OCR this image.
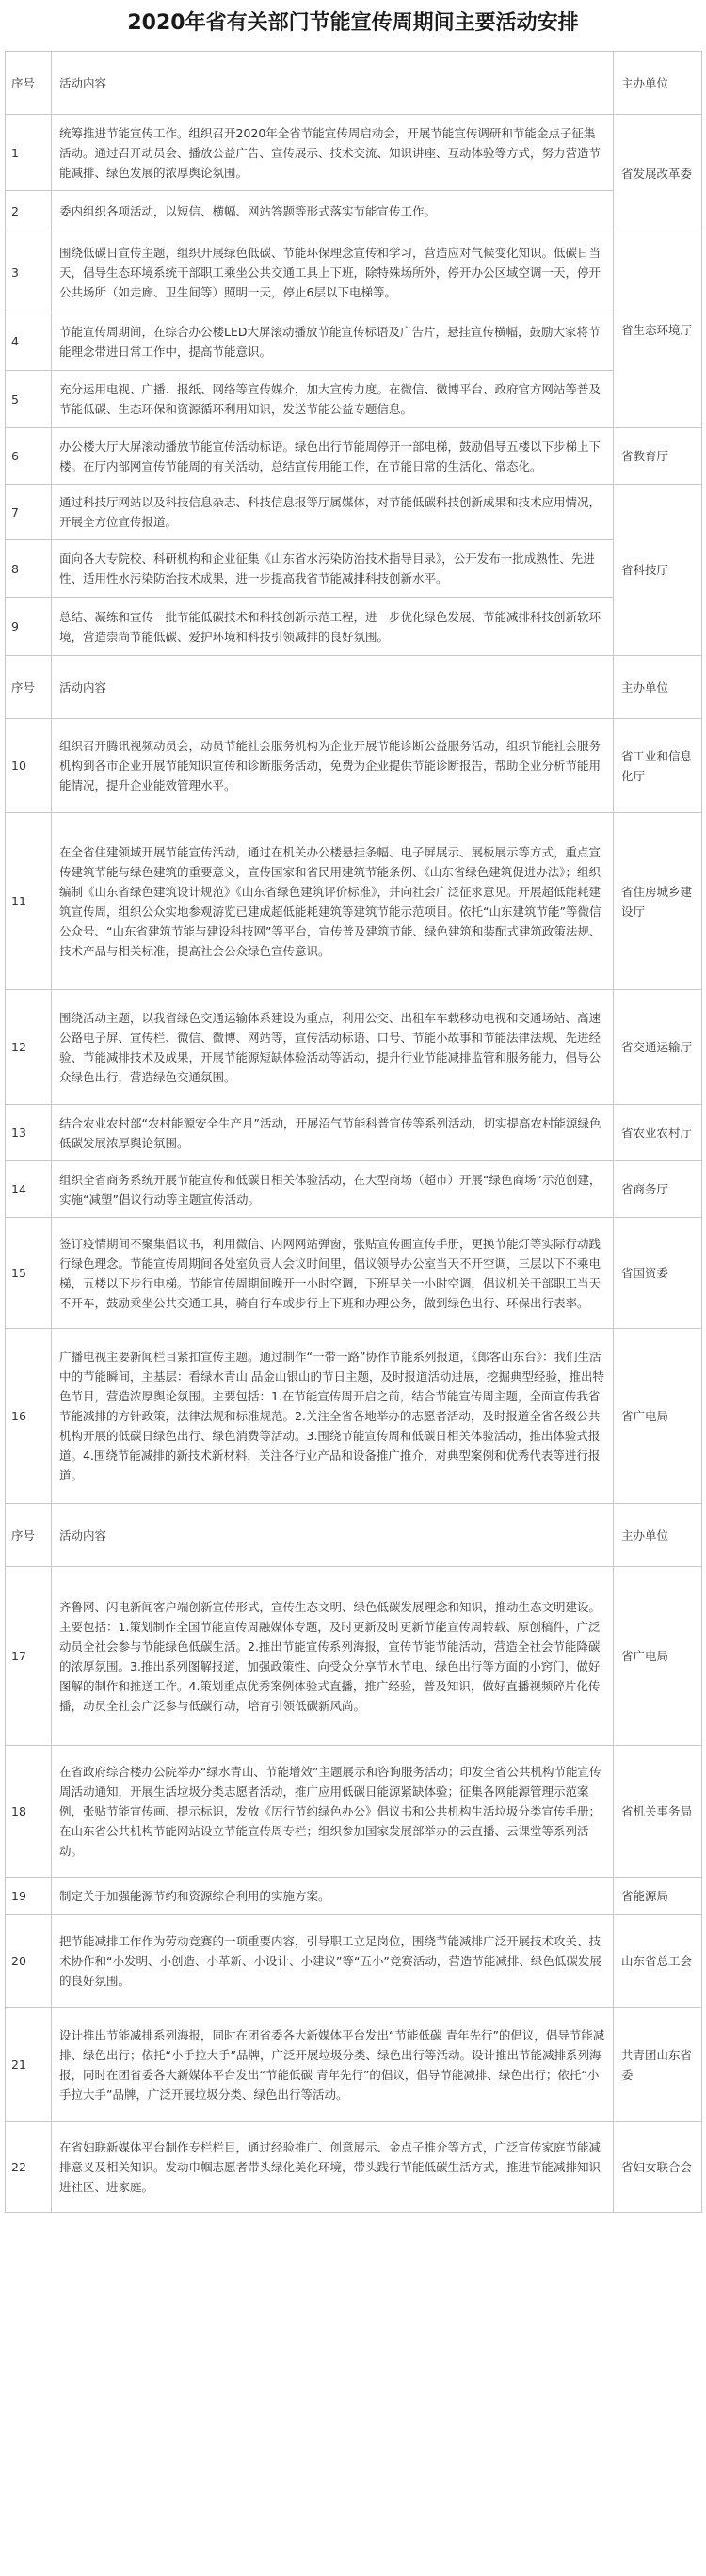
2020年省有关部门节能宣传周期间主要活动安排
序号	活动内容	主办单位
1	统筹推进节能宣传工作。组织召开2020年全省节能宣传周启动会，开展节能宣传调研和节能金点子征集活动。通过召开动员会、播放公益广告、宣传展示、技术交流、知识讲座、互动体验等方式，努力营造节能减排、绿色发展的浓厚舆论氛围。	省发展改革委
2	委内组织各项活动，以短信、横幅、网站答题等形式落实节能宣传工作。	
3	围绕低碳日宣传主题，组织开展绿色低碳、节能环保理念宣传和学习，营造应对气候变化知识。低碳日当天，倡导生态环境系统干部职工乘坐公共交通工具上下班，除特殊场所外，停开办公区域空调一天，停开公共场所（如走廊、卫生间等）照明一天，停止6层以下电梯等。	省生态环境厅
4	节能宣传周期间，在综合办公楼LED大屏滚动播放节能宣传标语及广告片，悬挂宣传横幅，鼓励大家将节能理念带进日常工作中，提高节能意识。	
5	充分运用电视、广播、报纸、网络等宣传媒介，加大宣传力度。在微信、微博平台、政府官方网站等普及节能低碳、生态环保和资源循环利用知识，发送节能公益专题信息。	
6	办公楼大厅大屏滚动播放节能宣传活动标语。绿色出行节能周停开一部电梯，鼓励倡导五楼以下步梯上下楼。在厅内部网宣传节能周的有关活动，总结宣传用能工作，在节能日常的生活化、常态化。	省教育厅
7	通过科技厅网站以及科技信息杂志、科技信息报等厅属媒体，对节能低碳科技创新成果和技术应用情况，开展全方位宣传报道。	省科技厅
8	面向各大专院校、科研机构和企业征集《山东省水污染防治技术指导目录》，公开发布一批成熟性、先进性、适用性水污染防治技术成果，进一步提高我省节能减排科技创新水平。	
9	总结、凝练和宣传一批节能低碳技术和科技创新示范工程，进一步优化绿色发展、节能减排科技创新软环境，营造崇尚节能低碳、爱护环境和科技引领减排的良好氛围。	
序号	活动内容	主办单位
10	组织召开腾讯视频动员会，动员节能社会服务机构为企业开展节能诊断公益服务活动，组织节能社会服务机构到各市企业开展节能知识宣传和诊断服务活动，免费为企业提供节能诊断报告，帮助企业分析节能用能情况，提升企业能效管理水平。	省工业和信息化厅
11	在全省住建领域开展节能宣传活动，通过在机关办公楼悬挂条幅、电子屏展示、展板展示等方式，重点宣传建筑节能与绿色建筑的重要意义，宣传国家和省民用建筑节能条例、《山东省绿色建筑促进办法》；组织编制《山东省绿色建筑设计规范》《山东省绿色建筑评价标准》，并向社会广泛征求意见。开展超低能耗建筑宣传周，组织公众实地参观游览已建成超低能耗建筑等建筑节能示范项目。依托“山东建筑节能”等微信公众号、“山东省建筑节能与建设科技网”等平台，宣传普及建筑节能、绿色建筑和装配式建筑政策法规、技术产品与相关标准，提高社会公众绿色宣传意识。	省住房城乡建设厅
12	围绕活动主题，以我省绿色交通运输体系建设为重点，利用公交、出租车车载移动电视和交通场站、高速公路电子屏、宣传栏、微信、微博、网站等，宣传活动标语、口号、节能小故事和节能法律法规、先进经验、节能减排技术及成果，开展节能源短缺体验活动等活动，提升行业节能减排监管和服务能力，倡导公众绿色出行，营造绿色交通氛围。	省交通运输厅
13	结合农业农村部“农村能源安全生产月”活动，开展沼气节能科普宣传等系列活动，切实提高农村能源绿色低碳发展浓厚舆论氛围。	省农业农村厅
14	组织全省商务系统开展节能宣传和低碳日相关体验活动，在大型商场（超市）开展“绿色商场”示范创建，实施“减塑”倡议行动等主题宣传活动。	省商务厅
15	签订疫情期间不聚集倡议书，利用微信、内网网站弹窗，张贴宣传画宣传手册，更换节能灯等实际行动践行绿色理念。节能宣传周期间各处室负责人会议时间里，倡议领导办公室当天不开空调，三层以下不乘电梯，五楼以下步行电梯。节能宣传周期间晚开一小时空调，下班早关一小时空调，倡议机关干部职工当天不开车，鼓励乘坐公共交通工具，骑自行车或步行上下班和办理公务，做到绿色出行、环保出行表率。	省国资委
16	广播电视主要新闻栏目紧扣宣传主题。通过制作“一带一路”协作节能系列报道，《郎客山东台》：我们生活中的节能瞬间，主基层：看绿水青山 品金山银山的节日主题，及时报道活动进展，挖掘典型经验，推出特色节目，营造浓厚舆论氛围。主要包括：1.在节能宣传周开启之前，结合节能宣传周主题，全面宣传我省节能减排的方针政策，法律法规和标准规范。2.关注全省各地举办的志愿者活动，及时报道全省各级公共机构开展的低碳日绿色出行、绿色消费等活动。3.围绕节能宣传周和低碳日相关体验活动，推出体验式报道。4.围绕节能减排的新技术新材料，关注各行业产品和设备推广推介，对典型案例和优秀代表等进行报道。	省广电局
序号	活动内容	主办单位
17	齐鲁网、闪电新闻客户端创新宣传形式，宣传生态文明、绿色低碳发展理念和知识，推动生态文明建设。主要包括：1.策划制作全国节能宣传周融媒体专题，及时更新及时更新节能宣传周转载、原创稿件，广泛动员全社会参与节能绿色低碳生活。2.推出节能宣传系列海报，宣传节能节能活动，营造全社会节能降碳的浓厚氛围。3.推出系列图解报道，加强政策性、向受众分享节水节电、绿色出行等方面的小窍门，做好图解的制作和推送工作。4.策划重点优秀案例体验式直播，推广经验，普及知识，做好直播视频碎片化传播，动员全社会广泛参与低碳行动，培育引领低碳新风尚。	省广电局
18	在省政府综合楼办公院举办“绿水青山、节能增效”主题展示和咨询服务活动；印发全省公共机构节能宣传周活动通知，开展生活垃圾分类志愿者活动，推广应用低碳日能源紧缺体验；征集各网能源管理示范案例，张贴节能宣传画、提示标识，发放《厉行节约绿色办公》倡议书和公共机构生活垃圾分类宣传手册；在山东省公共机构节能网站设立节能宣传周专栏；组织参加国家发展部举办的云直播、云课堂等系列活动。	省机关事务局
19	制定关于加强能源节约和资源综合利用的实施方案。	省能源局
20	把节能减排工作作为劳动竞赛的一项重要内容，引导职工立足岗位，围绕节能减排广泛开展技术攻关、技术协作和“小发明、小创造、小革新、小设计、小建议”等“五小”竞赛活动，营造节能减排、绿色低碳发展的良好氛围。	山东省总工会
21	设计推出节能减排系列海报，同时在团省委各大新媒体平台发出“节能低碳 青年先行”的倡议，倡导节能减排、绿色出行；依托“小手拉大手”品牌，广泛开展垃圾分类、绿色出行等活动。设计推出节能减排系列海报，同时在团省委各大新媒体平台发出“节能低碳 青年先行”的倡议，倡导节能减排、绿色出行；依托“小手拉大手”品牌，广泛开展垃圾分类、绿色出行等活动。	共青团山东省委
22	在省妇联新媒体平台制作专栏栏目，通过经验推广、创意展示、金点子推介等方式，广泛宣传家庭节能减排意义及相关知识。发动巾帼志愿者带头绿化美化环境，带头践行节能低碳生活方式，推进节能减排知识进社区、进家庭。	省妇女联合会
